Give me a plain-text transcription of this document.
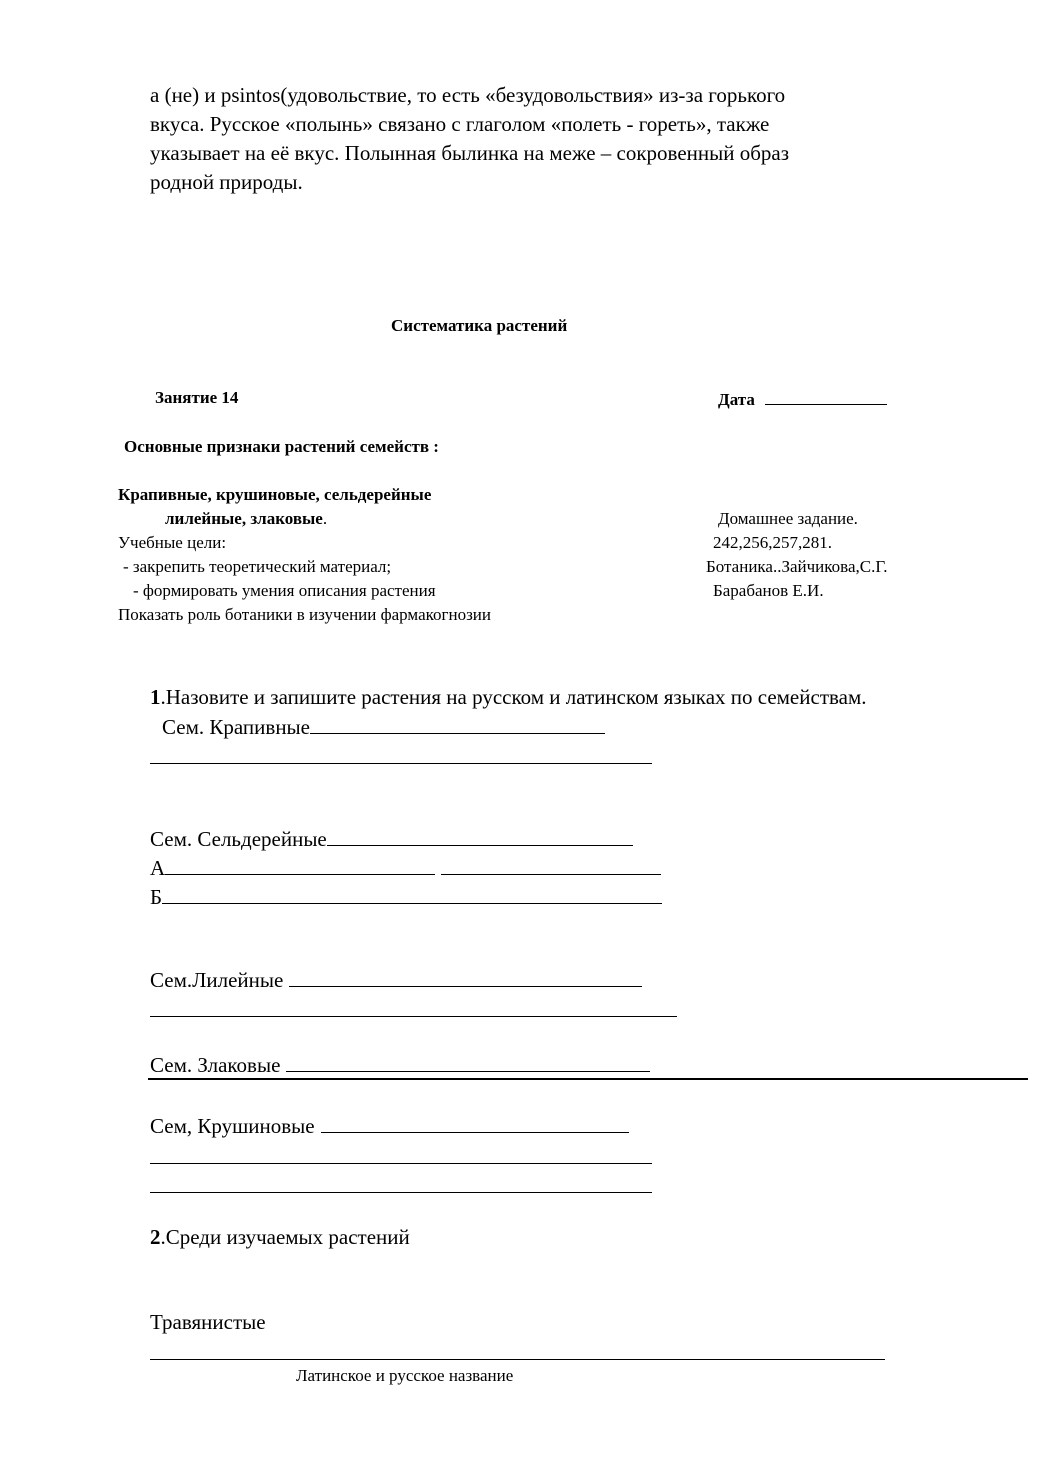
а (не) и psintos(удовольствие, то есть «безудовольствия» из-за горького
вкуса. Русское «полынь» связано с глаголом «полеть - гореть», также
указывает на её вкус. Полынная былинка на меже – сокровенный образ
родной природы.
Систематика растений
Занятие 14	Дата
Основные признаки растений семейств :
Крапивные, крушиновые, сельдерейные
лилейные, злаковые.
Учебные цели:
- закрепить теоретический материал;
- формировать умения описания растения
Показать роль ботаники в изучении фармакогнозии
Домашнее задание.
242,256,257,281.
Ботаника..Зайчикова,С.Г.
Барабанов Е.И.
1.Назовите и запишите растения на русском и латинском языках по семействам.
Сем. Крапивные
Сем. Сельдерейные
А
Б
Сем.Лилейные
Сем. Злаковые
Сем, Крушиновые
2.Среди изучаемых растений
Травянистые
Латинское и русское название
